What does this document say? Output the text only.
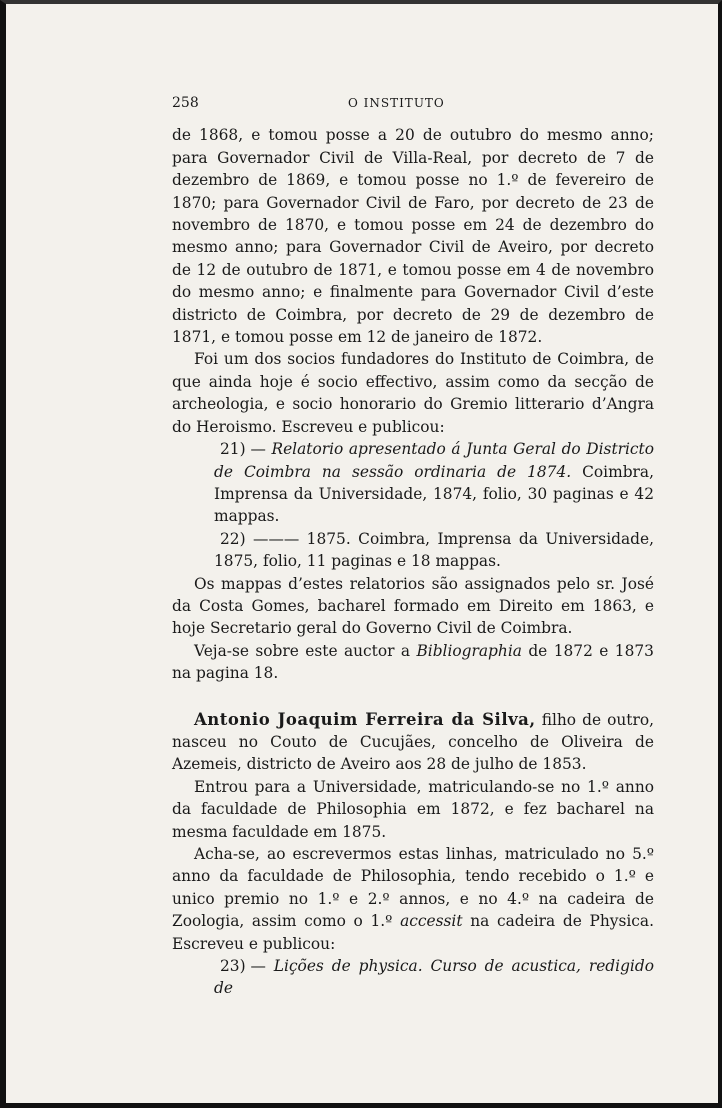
258	O INSTITUTO

de 1868, e tomou posse a 20 de outubro do mesmo anno; para Governador Civil de Villa-Real, por decreto de 7 de dezembro de 1869, e tomou posse no 1.º de fevereiro de 1870; para Governador Civil de Faro, por decreto de 23 de novembro de 1870, e tomou posse em 24 de dezembro do mesmo anno; para Governador Civil de Aveiro, por decreto de 12 de outubro de 1871, e tomou posse em 4 de novembro do mesmo anno; e finalmente para Governador Civil d’este districto de Coimbra, por decreto de 29 de dezembro de 1871, e tomou posse em 12 de janeiro de 1872.

Foi um dos socios fundadores do Instituto de Coimbra, de que ainda hoje é socio effectivo, assim como da secção de archeologia, e socio honorario do Gremio litterario d’Angra do Heroismo. Escreveu e publicou:

21) — Relatorio apresentado á Junta Geral do Districto de Coimbra na sessão ordinaria de 1874. Coimbra, Imprensa da Universidade, 1874, folio, 30 paginas e 42 mappas.

22) ——— 1875. Coimbra, Imprensa da Universidade, 1875, folio, 11 paginas e 18 mappas.

Os mappas d’estes relatorios são assignados pelo sr. José da Costa Gomes, bacharel formado em Direito em 1863, e hoje Secretario geral do Governo Civil de Coimbra.

Veja-se sobre este auctor a Bibliographia de 1872 e 1873 na pagina 18.

Antonio Joaquim Ferreira da Silva, filho de outro, nasceu no Couto de Cucujães, concelho de Oliveira de Azemeis, districto de Aveiro aos 28 de julho de 1853.

Entrou para a Universidade, matriculando-se no 1.º anno da faculdade de Philosophia em 1872, e fez bacharel na mesma faculdade em 1875.

Acha-se, ao escrevermos estas linhas, matriculado no 5.º anno da faculdade de Philosophia, tendo recebido o 1.º e unico premio no 1.º e 2.º annos, e no 4.º na cadeira de Zoologia, assim como o 1.º accessit na cadeira de Physica. Escreveu e publicou:

23) — Lições de physica. Curso de acustica, redigido de
